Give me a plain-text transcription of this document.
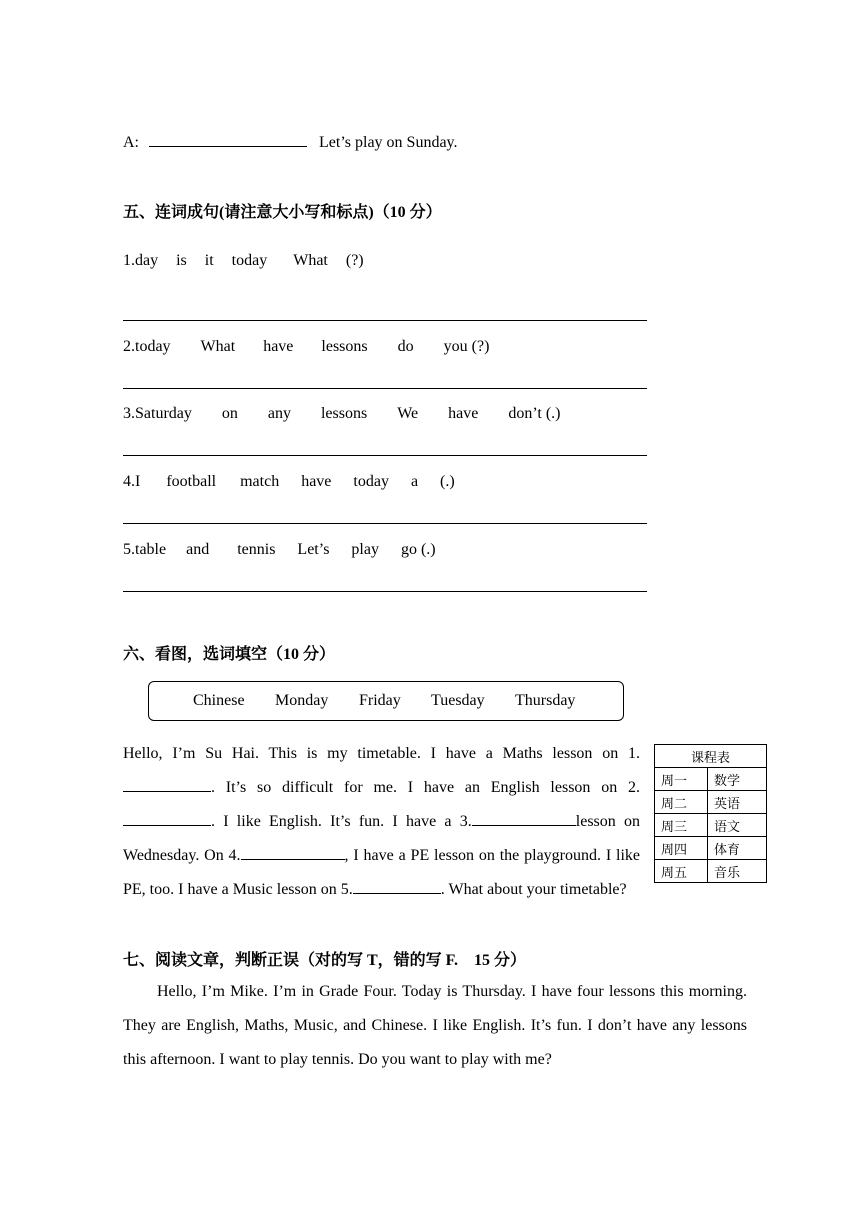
A:	Let’s play on Sunday.
五、连词成句(请注意大小写和标点)（10 分）
1.day is it today What (?)
2.today What have lessons do you (?)
3.Saturday on any lessons We have don’t (.)
4.I football match have today a (.)
5.table and tennis Let’s play go (.)
六、看图，选词填空（10 分）
Chinese Monday Friday Tuesday Thursday
Hello, I’m Su Hai. This is my timetable. I have a Maths lesson on 1.. It’s so difficult for me. I have an English lesson on 2.. I like English. It’s fun. I have a 3.	lesson on Wednesday. On 4.	, I have a PE lesson on the playground. I like PE, too. I have a Music lesson on 5.	. What about your timetable?
课程表	
周一	数学
周二	英语
周三	语文
周四	体育
周五	音乐
七、阅读文章，判断正误（对的写 T，错的写 F.　15 分）
Hello, I’m Mike. I’m in Grade Four. Today is Thursday. I have four lessons this morning. They are English, Maths, Music, and Chinese. I like English. It’s fun. I don’t have any lessons this afternoon. I want to play tennis. Do you want to play with me?
